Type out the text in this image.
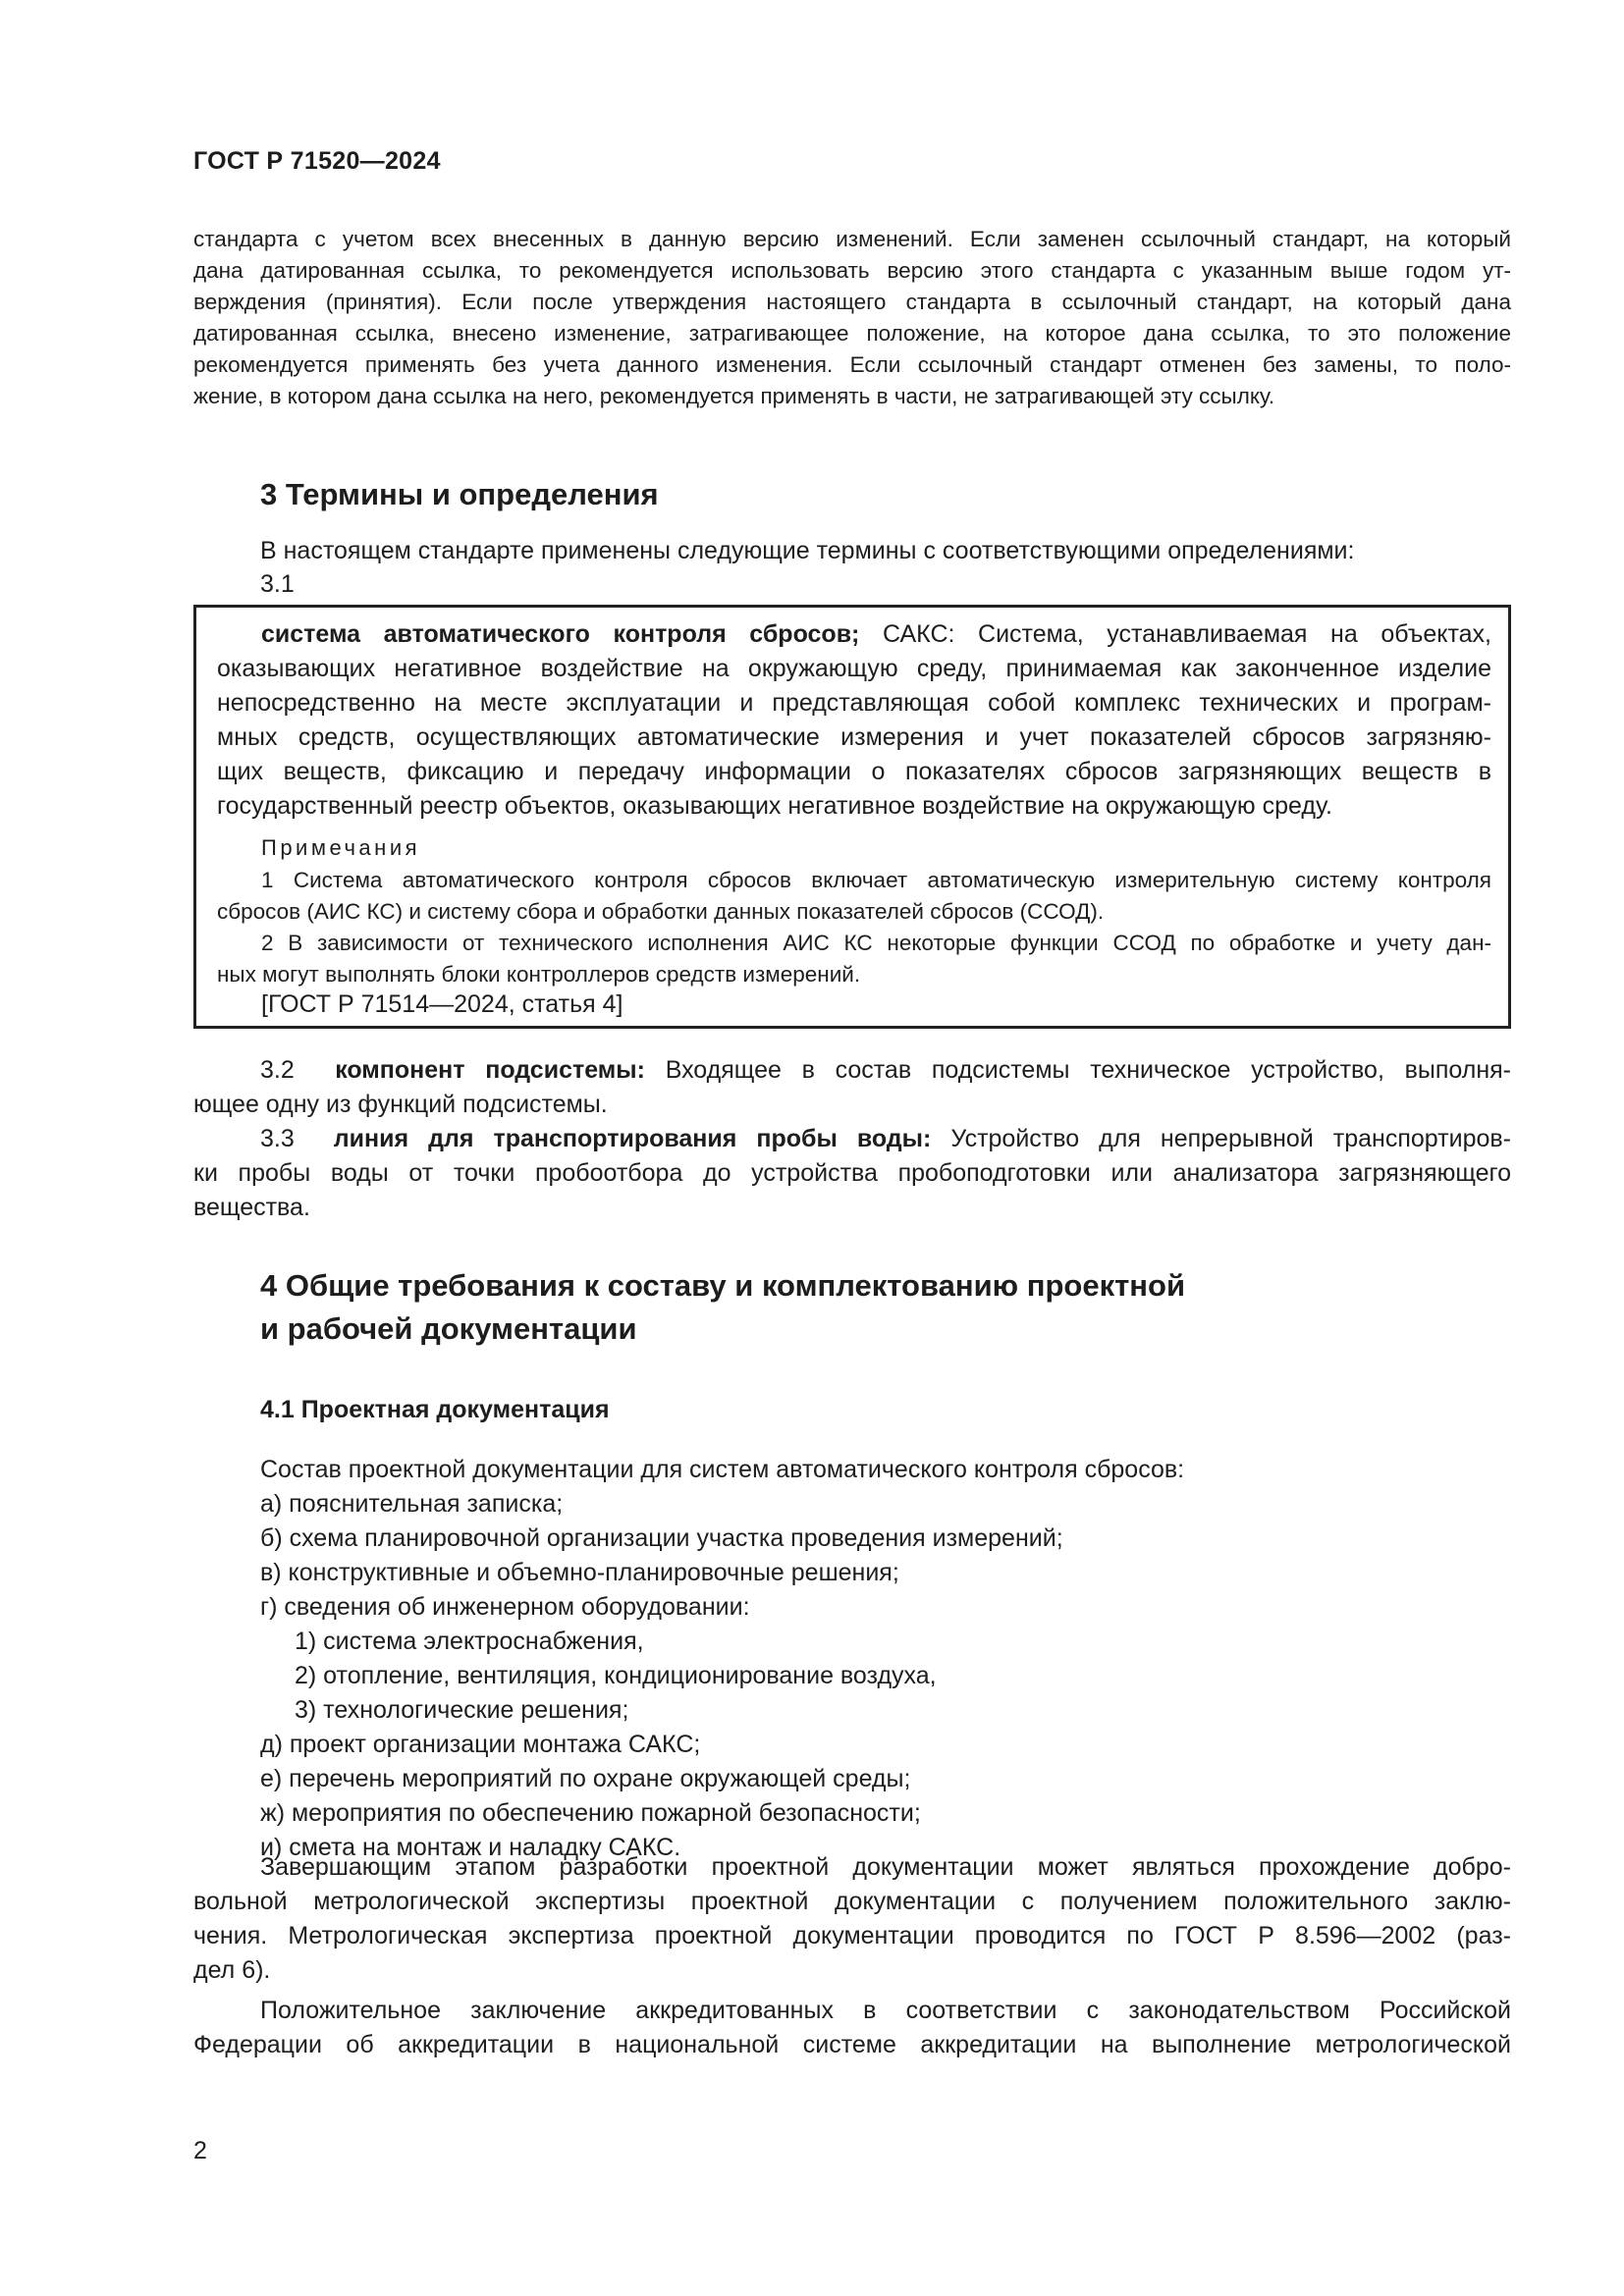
ГОСТ Р 71520—2024
стандарта с учетом всех внесенных в данную версию изменений. Если заменен ссылочный стандарт, на который
дана датированная ссылка, то рекомендуется использовать версию этого стандарта с указанным выше годом ут-
верждения (принятия). Если после утверждения настоящего стандарта в ссылочный стандарт, на который дана
датированная ссылка, внесено изменение, затрагивающее положение, на которое дана ссылка, то это положение
рекомендуется применять без учета данного изменения. Если ссылочный стандарт отменен без замены, то поло-
жение, в котором дана ссылка на него, рекомендуется применять в части, не затрагивающей эту ссылку.
3 Термины и определения
В настоящем стандарте применены следующие термины с соответствующими определениями:
3.1
система автоматического контроля сбросов; САКС: Система, устанавливаемая на объектах,
оказывающих негативное воздействие на окружающую среду, принимаемая как законченное изделие
непосредственно на месте эксплуатации и представляющая собой комплекс технических и програм-
мных средств, осуществляющих автоматические измерения и учет показателей сбросов загрязняю-
щих веществ, фиксацию и передачу информации о показателях сбросов загрязняющих веществ в
государственный реестр объектов, оказывающих негативное воздействие на окружающую среду.
Примечания
1 Система автоматического контроля сбросов включает автоматическую измерительную систему контроля
сбросов (АИС КС) и систему сбора и обработки данных показателей сбросов (ССОД).
2 В зависимости от технического исполнения АИС КС некоторые функции ССОД по обработке и учету дан-
ных могут выполнять блоки контроллеров средств измерений.
[ГОСТ Р 71514—2024, статья 4]
3.2 компонент подсистемы: Входящее в состав подсистемы техническое устройство, выполня-
ющее одну из функций подсистемы.
3.3 линия для транспортирования пробы воды: Устройство для непрерывной транспортиров-
ки пробы воды от точки пробоотбора до устройства пробоподготовки или анализатора загрязняющего
вещества.
4 Общие требования к составу и комплектованию проектной
и рабочей документации
4.1 Проектная документация
Состав проектной документации для систем автоматического контроля сбросов:
а) пояснительная записка;
б) схема планировочной организации участка проведения измерений;
в) конструктивные и объемно-планировочные решения;
г) сведения об инженерном оборудовании:
1) система электроснабжения,
2) отопление, вентиляция, кондиционирование воздуха,
3) технологические решения;
д) проект организации монтажа САКС;
е) перечень мероприятий по охране окружающей среды;
ж) мероприятия по обеспечению пожарной безопасности;
и) смета на монтаж и наладку САКС.
Завершающим этапом разработки проектной документации может являться прохождение добро-
вольной метрологической экспертизы проектной документации с получением положительного заклю-
чения. Метрологическая экспертиза проектной документации проводится по ГОСТ Р 8.596—2002 (раз-
дел 6).
Положительное заключение аккредитованных в соответствии с законодательством Российской
Федерации об аккредитации в национальной системе аккредитации на выполнение метрологической
2
